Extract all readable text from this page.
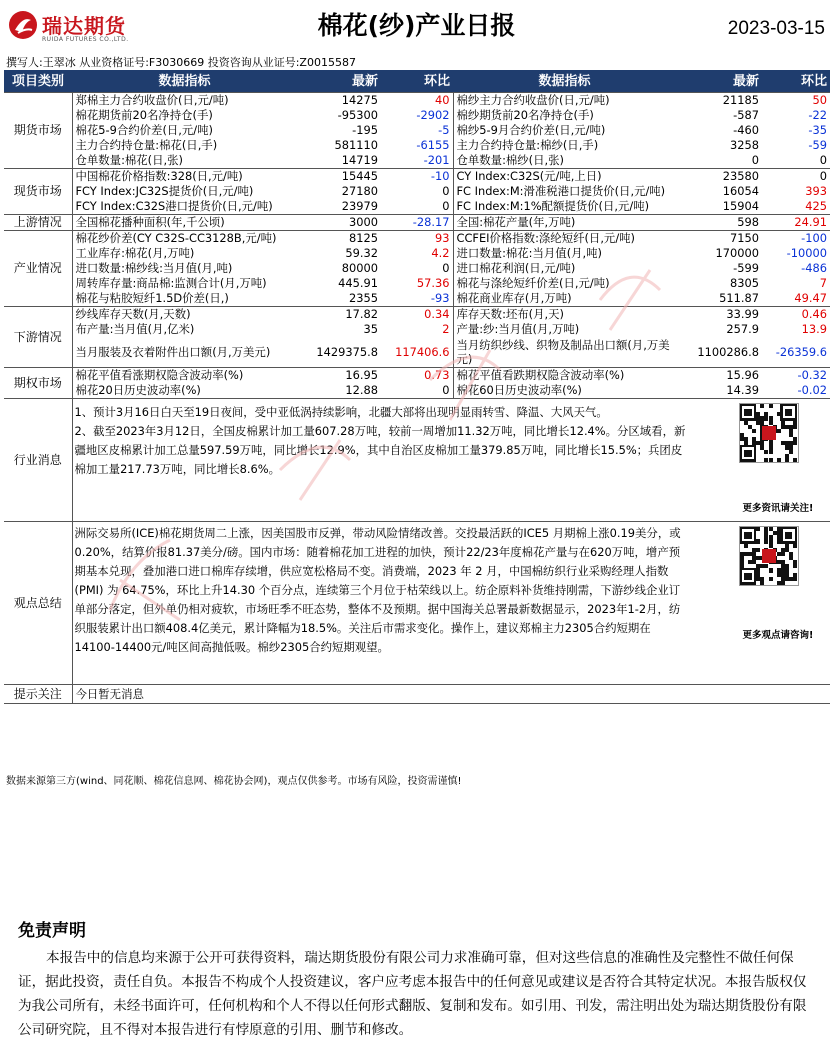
瑞达期货
RUIDA FUTURES CO.,LTD.	棉花(纱)产业日报	2023-03-15
撰写人:王翠冰 从业资格证号:F3030669 投资咨询从业证号:Z0015587
项目类别	数据指标	最新	环比	数据指标	最新	环比
期货市场	郑棉主力合约收盘价(日,元/吨)	14275	40	棉纱主力合约收盘价(日,元/吨)	21185	50
	棉花期货前20名净持仓(手)	-95300	-2902	棉纱期货前20名净持仓(手)	-587	-22
	棉花5-9合约价差(日,元/吨)	-195	-5	棉纱5-9月合约价差(日,元/吨)	-460	-35
	主力合约持仓量:棉花(日,手)	581110	-6155	主力合约持仓量:棉纱(日,手)	3258	-59
	仓单数量:棉花(日,张)	14719	-201	仓单数量:棉纱(日,张)	0	0
现货市场	中国棉花价格指数:328(日,元/吨)	15445	-10	CY Index:C32S(元/吨,上日)	23580	0
	FCY Index:JC32S提货价(日,元/吨)	27180	0	FC Index:M:滑准税港口提货价(日,元/吨)	16054	393
	FCY Index:C32S港口提货价(日,元/吨)	23979	0	FC Index:M:1%配额提货价(日,元/吨)	15904	425
上游情况	全国棉花播种面积(年,千公顷)	3000	-28.17	全国:棉花产量(年,万吨)	598	24.91
产业情况	棉花纱价差(CY C32S-CC3128B,元/吨)	8125	93	CCFEI价格指数:涤纶短纤(日,元/吨)	7150	-100
	工业库存:棉花(月,万吨)	59.32	4.2	进口数量:棉花:当月值(月,吨)	170000	-10000
	进口数量:棉纱线:当月值(月,吨)	80000	0	进口棉花利润(日,元/吨)	-599	-486
	周转库存量:商品棉:监测合计(月,万吨)	445.91	57.36	棉花与涤纶短纤价差(日,元/吨)	8305	7
	棉花与粘胶短纤1.5D价差(日,)	2355	-93	棉花商业库存(月,万吨)	511.87	49.47
下游情况	纱线库存天数(月,天数)	17.82	0.34	库存天数:坯布(月,天)	33.99	0.46
	布产量:当月值(月,亿米)	35	2	产量:纱:当月值(月,万吨)	257.9	13.9
	当月服装及衣着附件出口额(月,万美元)	1429375.8	117406.6	当月纺织纱线、织物及制品出口额(月,万美元)	1100286.8	-26359.6
期权市场	棉花平值看涨期权隐含波动率(%)	16.95	0.73	棉花平值看跌期权隐含波动率(%)	15.96	-0.32
	棉花20日历史波动率(%)	12.88	0	棉花60日历史波动率(%)	14.39	-0.02
行业消息	1、预计3月16日白天至19日夜间，受中亚低涡持续影响，北疆大部将出现明显雨转雪、降温、大风天气。
2、截至2023年3月12日，全国皮棉累计加工量607.28万吨，较前一周增加11.32万吨，同比增长12.4%。分区域看，新疆地区皮棉累计加工总量597.59万吨，同比增长12.9%，其中自治区皮棉加工量379.85万吨，同比增长15.5%；兵团皮棉加工量217.73万吨，同比增长8.6%。
更多资讯请关注!					

观点总结	洲际交易所(ICE)棉花期货周二上涨，因美国股市反弹，带动风险情绪改善。交投最活跃的ICE5 月期棉上涨0.19美分，或0.20%，结算价报81.37美分/磅。国内市场：随着棉花加工进程的加快，预计22/23年度棉花产量与在620万吨，增产预期基本兑现，叠加港口进口棉库存续增，供应宽松格局不变。消费端，2023 年 2 月，中国棉纺织行业采购经理人指数 (PMI) 为 64.75%，环比上升14.30 个百分点，连续第三个月位于枯荣线以上。纺企原料补货维持刚需，下游纱线企业订单部分落定，但外单仍相对疲软，市场旺季不旺态势，整体不及预期。据中国海关总署最新数据显示，2023年1-2月，纺织服装累计出口额408.4亿美元，累计降幅为18.5%。关注后市需求变化。操作上，建议郑棉主力2305合约短期在14100-14400元/吨区间高抛低吸。棉纱2305合约短期观望。
更多观点请咨询!					

提示关注	今日暂无消息					
数据来源第三方(wind、同花顺、棉花信息网、棉花协会网)，观点仅供参考。市场有风险，投资需谨慎!
免责声明
本报告中的信息均来源于公开可获得资料，瑞达期货股份有限公司力求准确可靠，但对这些信息的准确性及完整性不做任何保证，据此投资，责任自负。本报告不构成个人投资建议，客户应考虑本报告中的任何意见或建议是否符合其特定状况。本报告版权仅为我公司所有，未经书面许可，任何机构和个人不得以任何形式翻版、复制和发布。如引用、刊发，需注明出处为瑞达期货股份有限公司研究院，且不得对本报告进行有悖原意的引用、删节和修改。
